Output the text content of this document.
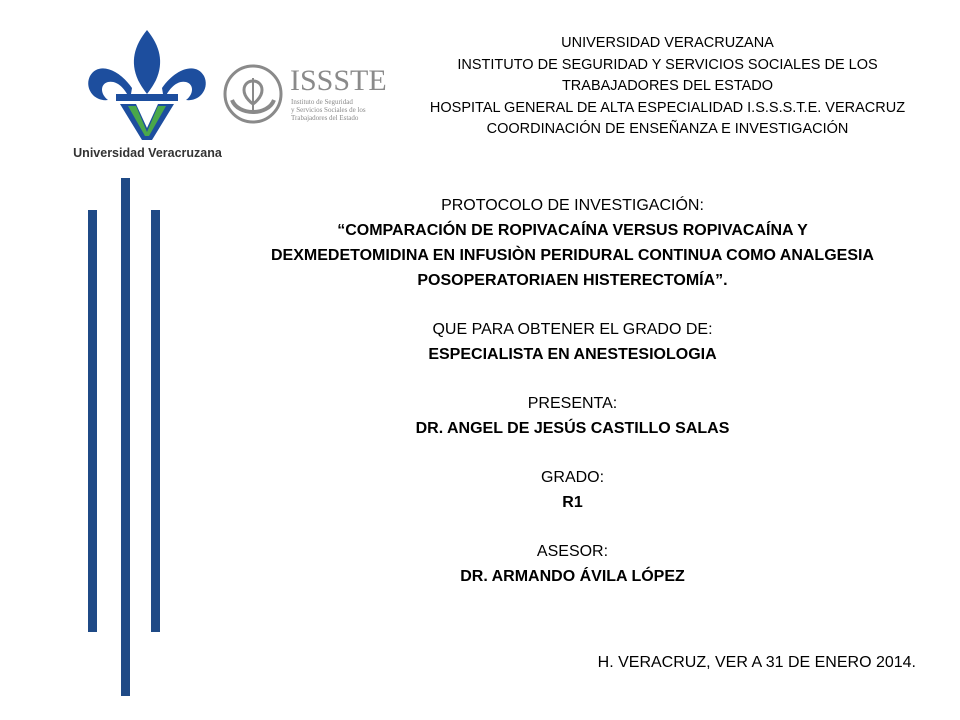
Universidad Veracruzana
ISSSTE
Instituto de Seguridad
y Servicios Sociales de los
Trabajadores del Estado
UNIVERSIDAD VERACRUZANA
INSTITUTO DE SEGURIDAD Y SERVICIOS SOCIALES DE LOS
TRABAJADORES DEL ESTADO
HOSPITAL GENERAL DE ALTA ESPECIALIDAD I.S.S.S.T.E. VERACRUZ
COORDINACIÓN DE ENSEÑANZA E INVESTIGACIÓN
PROTOCOLO DE INVESTIGACIÓN:
“COMPARACIÓN DE ROPIVACAÍNA VERSUS ROPIVACAÍNA Y
DEXMEDETOMIDINA EN INFUSIÒN PERIDURAL CONTINUA COMO ANALGESIA
POSOPERATORIAEN HISTERECTOMÍA”.
QUE PARA OBTENER EL GRADO DE:
ESPECIALISTA EN ANESTESIOLOGIA
PRESENTA:
DR. ANGEL DE JESÚS CASTILLO SALAS
GRADO:
R1
ASESOR:
DR. ARMANDO ÁVILA LÓPEZ
H. VERACRUZ, VER A 31 DE ENERO 2014.
